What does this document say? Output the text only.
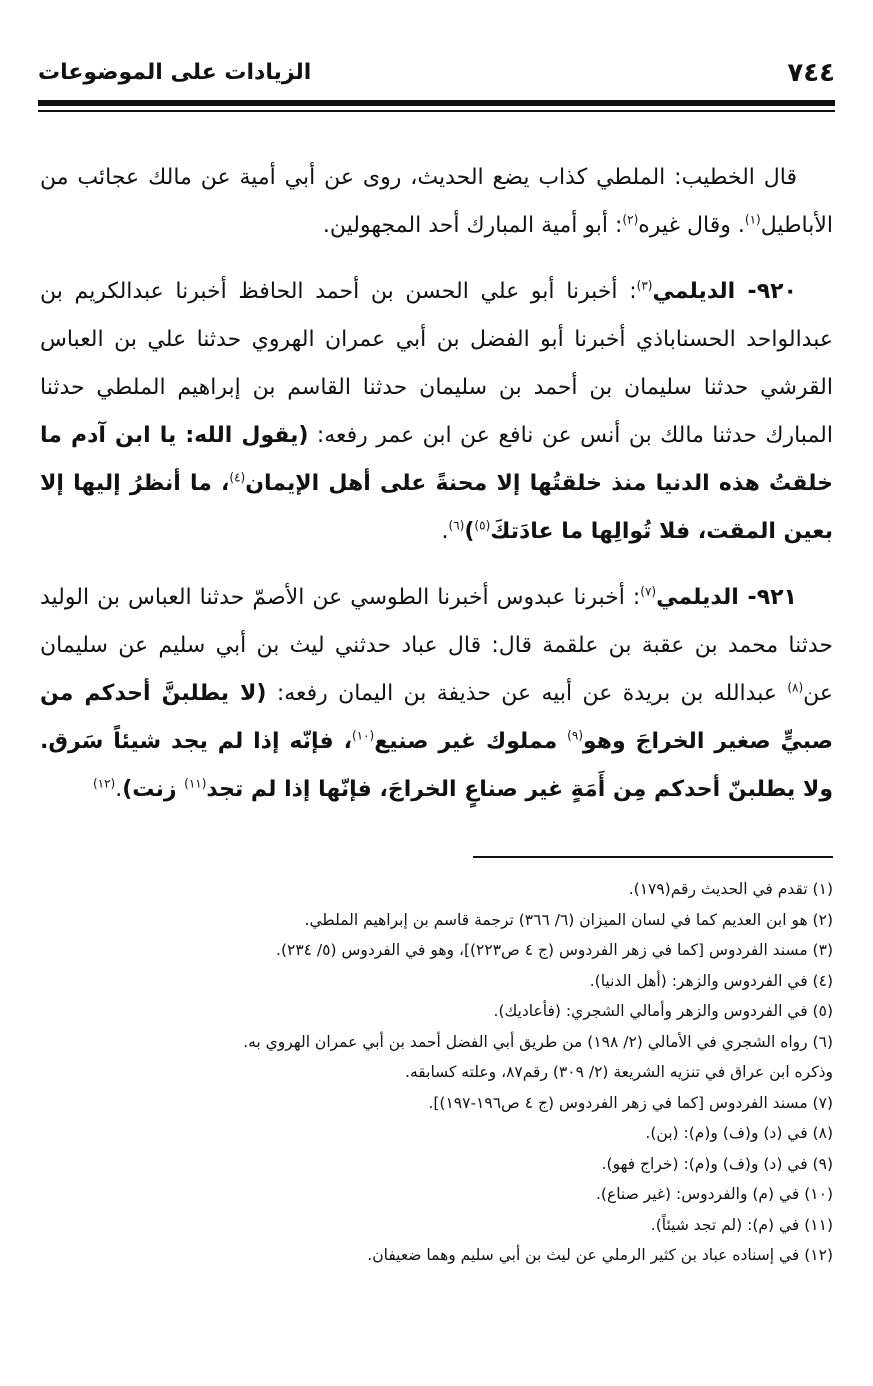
٧٤٤
الزيادات على الموضوعات

قال الخطيب: الملطي كذاب يضع الحديث، روى عن أبي أمية عن مالك عجائب من الأباطيل$^{(١)}$. وقال غيره$^{(٢)}$: أبو أمية المبارك أحد المجهولين.

٩٢٠- الديلمي$^{(٣)}$: أخبرنا أبو علي الحسن بن أحمد الحافظ أخبرنا عبدالكريم بن عبدالواحد الحسناباذي أخبرنا أبو الفضل بن أبي عمران الهروي حدثنا علي بن العباس القرشي حدثنا سليمان بن أحمد بن سليمان حدثنا القاسم بن إبراهيم الملطي حدثنا المبارك حدثنا مالك بن أنس عن نافع عن ابن عمر رفعه: (يقول الله: يا ابن آدم ما خلقتُ هذه الدنيا منذ خلقتُها إلا محنةً على أهل الإيمان$^{(٤)}$، ما أنظرُ إليها إلا بعين المقت، فلا تُوالِها ما عادَتكَ$^{(٥)}$)$^{(٦)}$.

٩٢١- الديلمي$^{(٧)}$: أخبرنا عبدوس أخبرنا الطوسي عن الأصمّ حدثنا العباس بن الوليد حدثنا محمد بن عقبة بن علقمة قال: قال عباد حدثني ليث بن أبي سليم عن سليمان عن$^{(٨)}$ عبدالله بن بريدة عن أبيه عن حذيفة بن اليمان رفعه: (لا يطلبنَّ أحدكم من صبيٍّ صغير الخراجَ وهو$^{(٩)}$ مملوك غير صنيع$^{(١٠)}$، فإنّه إذا لم يجد شيئاً سَرق. ولا يطلبنّ أحدكم مِن أَمَةٍ غير صناعٍ الخراجَ، فإنّها إذا لم تجد$^{(١١)}$ زنت).$^{(١٢)}$

(١) تقدم في الحديث رقم(١٧٩).
(٢) هو ابن العديم كما في لسان الميزان (٦/ ٣٦٦) ترجمة قاسم بن إبراهيم الملطي.
(٣) مسند الفردوس [كما في زهر الفردوس (ج ٤ ص٢٢٣)]، وهو في الفردوس (٥/ ٢٣٤).
(٤) في الفردوس والزهر: (أهل الدنيا).
(٥) في الفردوس والزهر وأمالي الشجري: (فأعاديك).
(٦) رواه الشجري في الأمالي (٢/ ١٩٨) من طريق أبي الفضل أحمد بن أبي عمران الهروي به.
وذكره ابن عراق في تنزيه الشريعة (٢/ ٣٠٩) رقم٨٧، وعلته كسابقه.
(٧) مسند الفردوس [كما في زهر الفردوس (ج ٤ ص١٩٦-١٩٧)].
(٨) في (د) و(ف) و(م): (بن).
(٩) في (د) و(ف) و(م): (خراج فهو).
(١٠) في (م) والفردوس: (غير صناع).
(١١) في (م): (لم تجد شيئاً).
(١٢) في إسناده عباد بن كثير الرملي عن ليث بن أبي سليم وهما ضعيفان.
